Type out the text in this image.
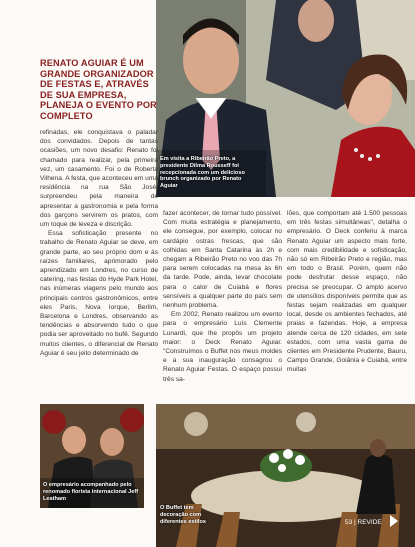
Em visita a Ribeirão Preto, a presidente Dilma Rousseff foi recepcionada com um delicioso brunch organizado por Renato Aguiar
RENATO AGUIAR É UM GRANDE ORGANIZADOR DE FESTAS E, ATRAVÉS DE SUA EMPRESA, PLANEJA O EVENTO POR COMPLETO

refinadas, ele conquistava o paladar dos convidados. Depois de tantas ocasiões, um novo desafio: Renato foi chamado para realizar, pela primeira vez, um casamento. Foi o de Roberta Vilhena. A festa, que aconteceu em uma residência na rua São José, surpreendeu pela maneira de apresentar a gastronomia e pela forma dos garçons servirem os pratos, com um toque de leveza e discrição.

Essa sofisticação presente no trabalho de Renato Aguiar se deve, em grande parte, ao seu próprio dom e às raízes familiares, aprimorado pelo aprendizado em Londres, no curso de catering, nas festas do Hyde Park Hotel, nas inúmeras viagens pelo mundo aos principais centros gastronômicos, entre eles Paris, Nova Iorque, Berlim, Barcelona e Londres, observando as tendências e absorvendo tudo o que podia ser aproveitado no bufê. Segundo muitos clientes, o diferencial de Renato Aguiar é seu jeito determinado de

fazer acontecer, de tornar tudo possível. Com muita estratégia e planejamento, ele consegue, por exemplo, colocar no cardápio ostras frescas, que são colhidas em Santa Catarina às 2h e chegam a Ribeirão Preto no voo das 7h para serem colocadas na mesa às 6h da tarde. Pode, ainda, levar chocolate para o calor de Cuiabá e flores sensíveis a qualquer parte do país sem nenhum problema.

Em 2002, Renato realizou um evento para o empresário Luís Clemente Lunardi, que lhe propôs um projeto maior: o Deck Renato Aguiar. "Construímos o Buffet nos meus moldes e a sua inauguração consagrou o Renato Aguiar Festas. O espaço possui três sa-

lões, que comportam até 1.500 pessoas em três festas simultâneas", detalha o empresário. O Deck conferiu à marca Renato Aguiar um aspecto mais forte, com mais credibilidade e sofisticação, não só em Ribeirão Preto e região, mas em todo o Brasil. Porém, quem não pode desfrutar desse espaço, não precisa se preocupar. O amplo acervo de utensílios disponíveis permite que as festas sejam realizadas em qualquer local, desde os ambientes fechados, até praias e fazendas. Hoje, a empresa atende cerca de 120 cidades, em sete estados, com uma vasta gama de clientes em Presidente Prudente, Bauru, Campo Grande, Goiânia e Cuiabá, entre muitas

O empresário acompanhado pelo renomado florista internacional Jeff Leatham
O Buffet tem decoração com diferentes estilos	53 | REVIDE
